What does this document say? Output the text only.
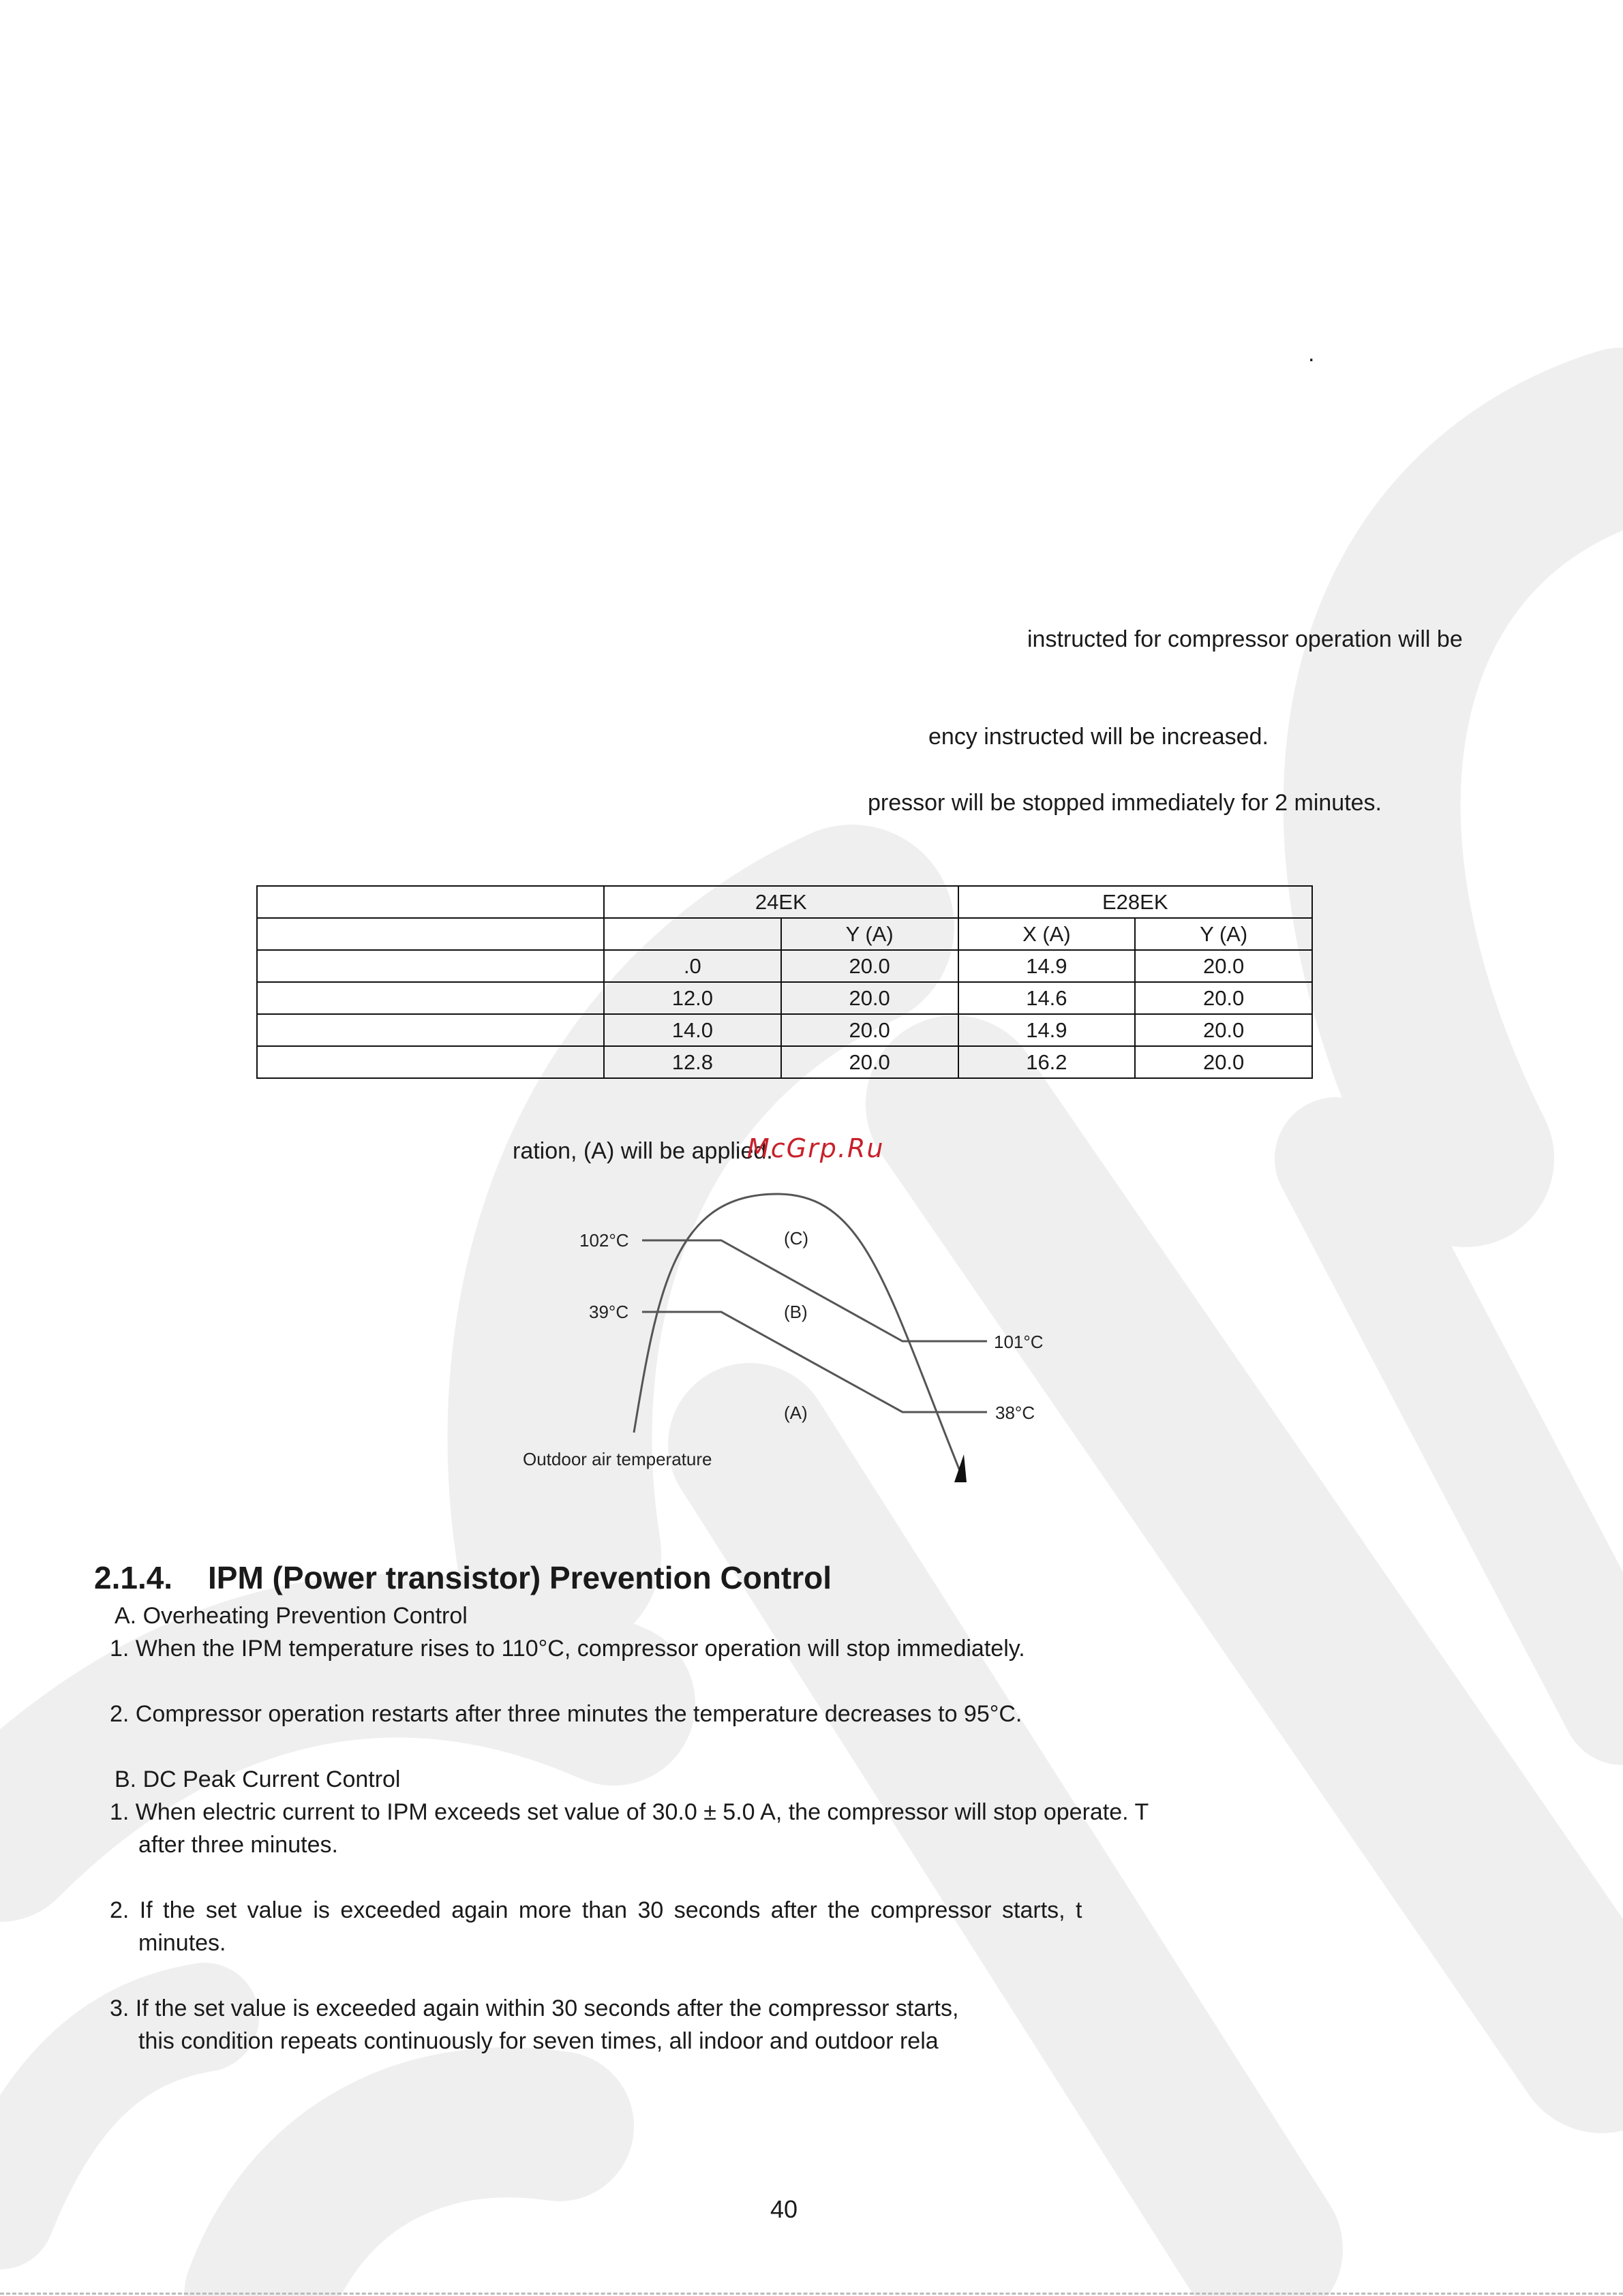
.
instructed for compressor operation will be
ency instructed will be increased.
pressor will be stopped immediately for 2 minutes.
	24EK		E28EK	
		Y (A)	X (A)	Y (A)
	.0	20.0	14.9	20.0
	12.0	20.0	14.6	20.0
	14.0	20.0	14.9	20.0
	12.8	20.0	16.2	20.0
ration, (A) will be applied.
McGrp.Ru
102°C
39°C
101°C
38°C
(C)
(B)
(A)
Outdoor air temperature
2.1.4. IPM (Power transistor) Prevention Control
A. Overheating Prevention Control
1. When the IPM temperature rises to 110°C, compressor operation will stop immediately.
2. Compressor operation restarts after three minutes the temperature decreases to 95°C.
B. DC Peak Current Control
1. When electric current to IPM exceeds set value of 30.0 ± 5.0 A, the compressor will stop operate. T
after three minutes.
2. If the set value is exceeded again more than 30 seconds after the compressor starts, t
minutes.
3. If the set value is exceeded again within 30 seconds after the compressor starts,
this condition repeats continuously for seven times, all indoor and outdoor rela
40
